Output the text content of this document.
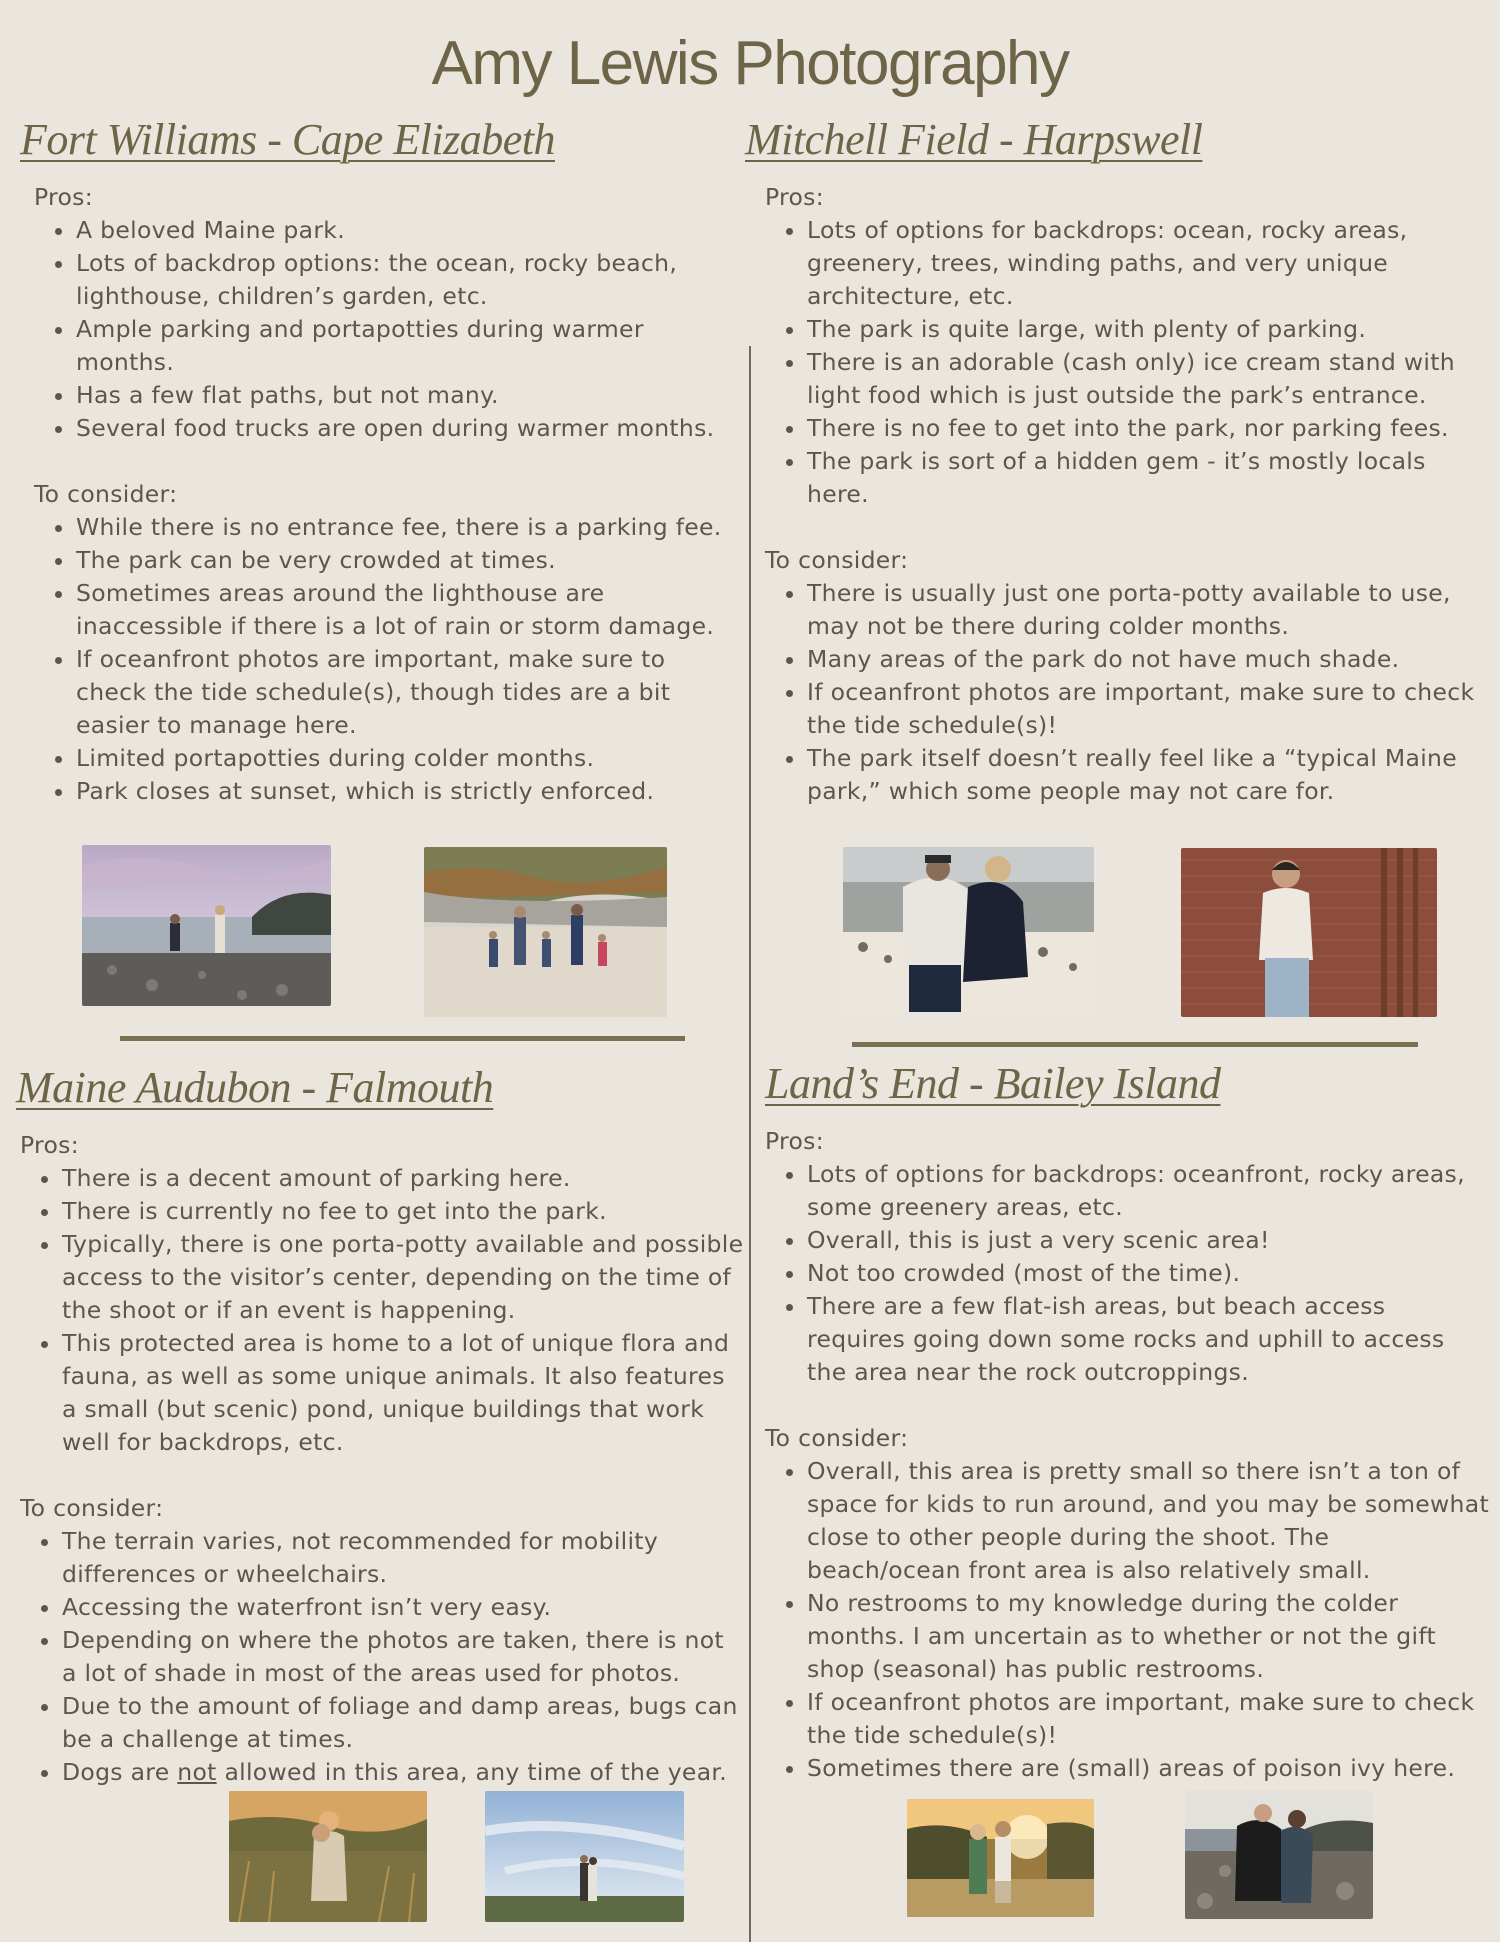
Amy Lewis Photography
Fort Williams - Cape Elizabeth

Pros:

• A beloved Maine park.
• Lots of backdrop options: the ocean, rocky beach, lighthouse, children’s garden, etc.
• Ample parking and portapotties during warmer months.
• Has a few flat paths, but not many.
• Several food trucks are open during warmer months.

To consider:

• While there is no entrance fee, there is a parking fee.
• The park can be very crowded at times.
• Sometimes areas around the lighthouse are inaccessible if there is a lot of rain or storm damage.
• If oceanfront photos are important, make sure to check the tide schedule(s), though tides are a bit easier to manage here.
• Limited portapotties during colder months.
• Park closes at sunset, which is strictly enforced.
Mitchell Field - Harpswell

Pros:

• Lots of options for backdrops: ocean, rocky areas, greenery, trees, winding paths, and very unique architecture, etc.
• The park is quite large, with plenty of parking.
• There is an adorable (cash only) ice cream stand with light food which is just outside the park’s entrance.
• There is no fee to get into the park, nor parking fees.
• The park is sort of a hidden gem - it’s mostly locals here.

To consider:

• There is usually just one porta-potty available to use, may not be there during colder months.
• Many areas of the park do not have much shade.
• If oceanfront photos are important, make sure to check the tide schedule(s)!
• The park itself doesn’t really feel like a “typical Maine park,” which some people may not care for.
Maine Audubon - Falmouth

Pros:

• There is a decent amount of parking here.
• There is currently no fee to get into the park.
• Typically, there is one porta-potty available and possible access to the visitor’s center, depending on the time of the shoot or if an event is happening.
• This protected area is home to a lot of unique flora and fauna, as well as some unique animals. It also features a small (but scenic) pond, unique buildings that work well for backdrops, etc.

To consider:

• The terrain varies, not recommended for mobility differences or wheelchairs.
• Accessing the waterfront isn’t very easy.
• Depending on where the photos are taken, there is not a lot of shade in most of the areas used for photos.
• Due to the amount of foliage and damp areas, bugs can be a challenge at times.
• Dogs are not allowed in this area, any time of the year.
Land’s End - Bailey Island

Pros:

• Lots of options for backdrops: oceanfront, rocky areas, some greenery areas, etc.
• Overall, this is just a very scenic area!
• Not too crowded (most of the time).
• There are a few flat-ish areas, but beach access requires going down some rocks and uphill to access the area near the rock outcroppings.

To consider:

• Overall, this area is pretty small so there isn’t a ton of space for kids to run around, and you may be somewhat close to other people during the shoot. The beach/ocean front area is also relatively small.
• No restrooms to my knowledge during the colder months. I am uncertain as to whether or not the gift shop (seasonal) has public restrooms.
• If oceanfront photos are important, make sure to check the tide schedule(s)!
• Sometimes there are (small) areas of poison ivy here.
